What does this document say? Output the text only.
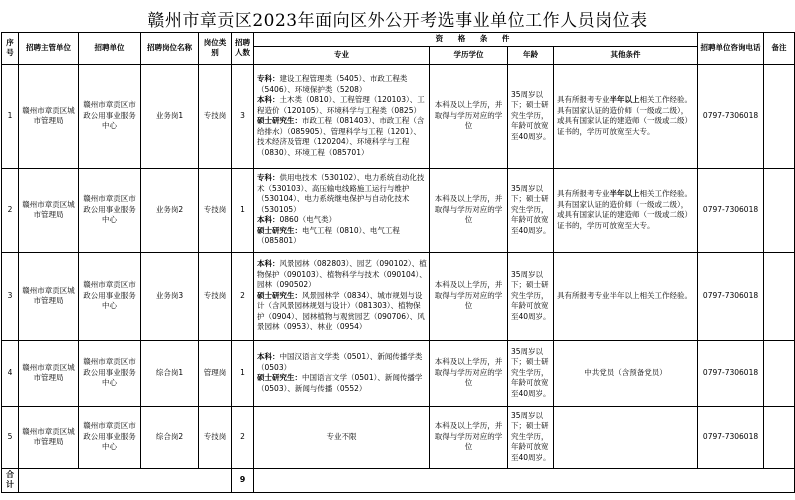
赣州市章贡区2023年面向区外公开考选事业单位工作人员岗位表
序号	招聘主管单位	招聘单位	招聘岗位名称	岗位类别	招聘人数	资 格 条 件				招聘单位咨询电话	备注
						专业	学历学位	年龄	其他条件		
1	赣州市章贡区城市管理局	赣州市章贡区市政公用事业服务中心	业务岗1	专技岗	3	专科：建设工程管理类（5405）、市政工程类（5406）、环境保护类（5208）
本科：土木类（0810）、工程管理（120103）、工程造价（120105）、环境科学与工程类（0825）
硕士研究生：市政工程（081403）、市政工程（含给排水）（085905）、管理科学与工程（1201）、技术经济及管理（120204）、环境科学与工程（0830）、环境工程（085701）	本科及以上学历，并取得与学历对应的学位	35周岁以下；硕士研究生学历，年龄可放宽至40周岁。	具有所报考专业半年以上相关工作经验。具有国家认证的造价师（一级或二级），或具有国家认证的建造师（一级或二级）证书的，学历可放宽至大专。	0797-7306018	
2	赣州市章贡区城市管理局	赣州市章贡区市政公用事业服务中心	业务岗2	专技岗	1	专科：供用电技术（530102）、电力系统自动化技术（530103）、高压输电线路施工运行与维护（530104）、电力系统继电保护与自动化技术（530105）
本科：0860（电气类）
硕士研究生：电气工程（0810）、电气工程（085801）	本科及以上学历，并取得与学历对应的学位	35周岁以下；硕士研究生学历，年龄可放宽至40周岁。	具有所报考专业半年以上相关工作经验。具有国家认证的造价师（一级或二级），或具有国家认证的建造师（一级或二级）证书的，学历可放宽至大专。	0797-7306018	
3	赣州市章贡区城市管理局	赣州市章贡区市政公用事业服务中心	业务岗3	专技岗	2	本科：风景园林（082803）、园艺（090102）、植物保护（090103）、植物科学与技术（090104）、园林（090502）
硕士研究生：风景园林学（0834）、城市规划与设计（含风景园林规划与设计）（081303）、植物保护（0904）、园林植物与观赏园艺（090706）、风景园林（0953）、林业（0954）	本科及以上学历，并取得与学历对应的学位	35周岁以下；硕士研究生学历，年龄可放宽至40周岁。	具有所报考专业半年以上相关工作经验。	0797-7306018	
4	赣州市章贡区城市管理局	赣州市章贡区市政公用事业服务中心	综合岗1	管理岗	1	本科：中国汉语言文学类（0501）、新闻传播学类（0503）
硕士研究生：中国语言文学（0501）、新闻传播学（0503）、新闻与传播（0552）	本科及以上学历，并取得与学历对应的学位	35周岁以下；硕士研究生学历，年龄可放宽至40周岁。	中共党员（含预备党员）	0797-7306018	
5	赣州市章贡区城市管理局	赣州市章贡区市政公用事业服务中心	综合岗2	专技岗	2	专业不限	本科及以上学历，并取得与学历对应的学位	35周岁以下；硕士研究生学历，年龄可放宽至40周岁。		0797-7306018	
合计					9						
